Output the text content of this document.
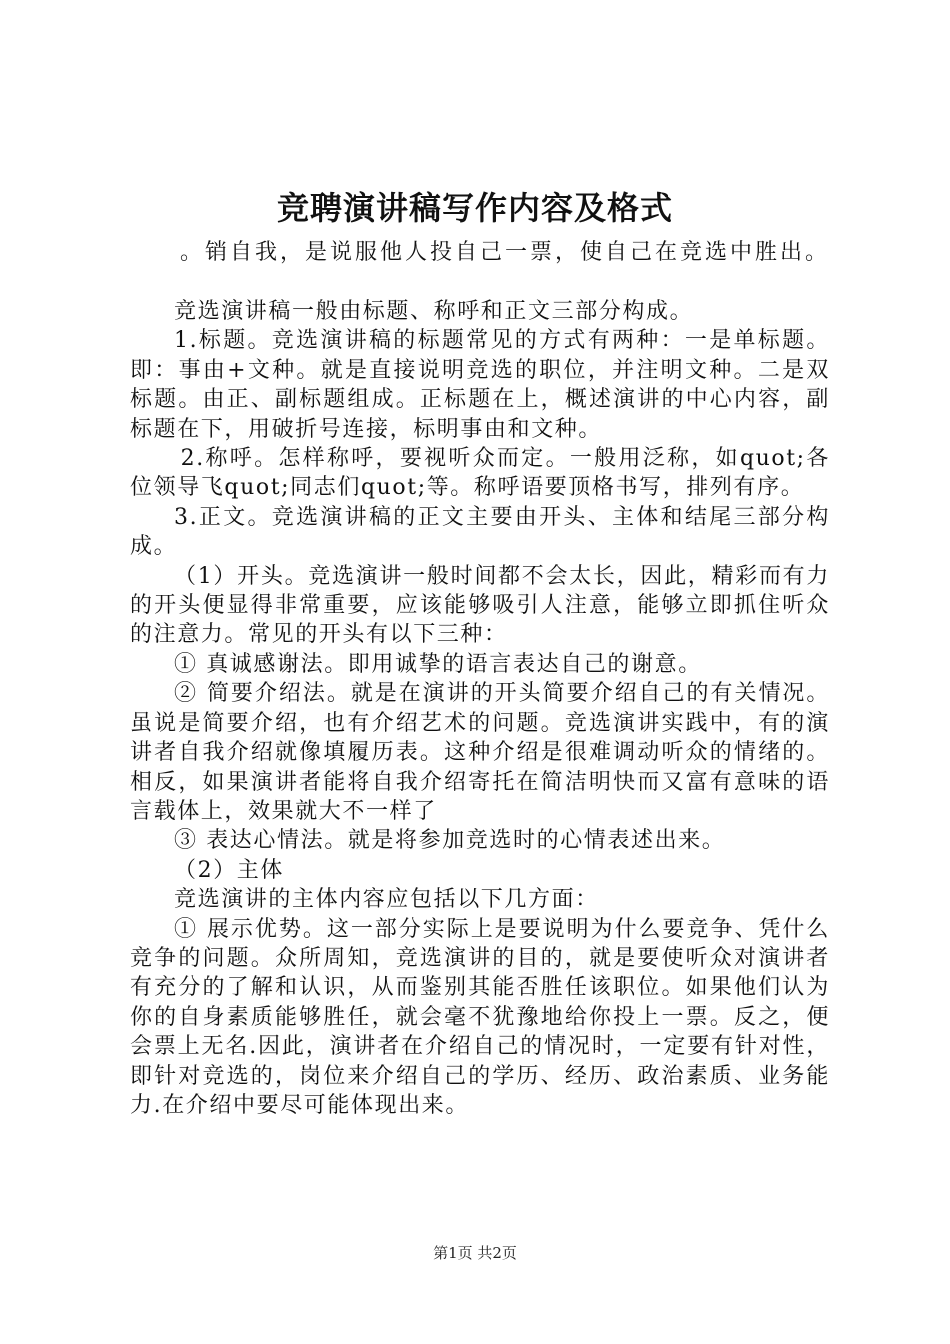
竞聘演讲稿写作内容及格式
。销自我，是说服他人投自己一票，使自己在竞选中胜出。

竞选演讲稿一般由标题、称呼和正文三部分构成。

1.标题。竞选演讲稿的标题常见的方式有两种：一是单标题。即：事由+文种。就是直接说明竞选的职位，并注明文种。二是双标题。由正、副标题组成。正标题在上，概述演讲的中心内容，副标题在下，用破折号连接，标明事由和文种。

2.称呼。怎样称呼，要视听众而定。一般用泛称，如quot;各位领导飞quot;同志们quot;等。称呼语要顶格书写，排列有序。

3.正文。竞选演讲稿的正文主要由开头、主体和结尾三部分构成。

（1）开头。竞选演讲一般时间都不会太长，因此，精彩而有力的开头便显得非常重要，应该能够吸引人注意，能够立即抓住听众的注意力。常见的开头有以下三种：

① 真诚感谢法。即用诚挚的语言表达自己的谢意。

② 简要介绍法。就是在演讲的开头简要介绍自己的有关情况。虽说是简要介绍，也有介绍艺术的问题。竞选演讲实践中，有的演讲者自我介绍就像填履历表。这种介绍是很难调动听众的情绪的。相反，如果演讲者能将自我介绍寄托在简洁明快而又富有意味的语言载体上，效果就大不一样了

③ 表达心情法。就是将参加竞选时的心情表述出来。

（2）主体

竞选演讲的主体内容应包括以下几方面：

① 展示优势。这一部分实际上是要说明为什么要竞争、凭什么竞争的问题。众所周知，竞选演讲的目的，就是要使听众对演讲者有充分的了解和认识，从而鉴别其能否胜任该职位。如果他们认为你的自身素质能够胜任，就会毫不犹豫地给你投上一票。反之，便会票上无名.因此，演讲者在介绍自己的情况时，一定要有针对性，即针对竞选的，岗位来介绍自己的学历、经历、政治素质、业务能力.在介绍中要尽可能体现出来。

第1页 共2页
